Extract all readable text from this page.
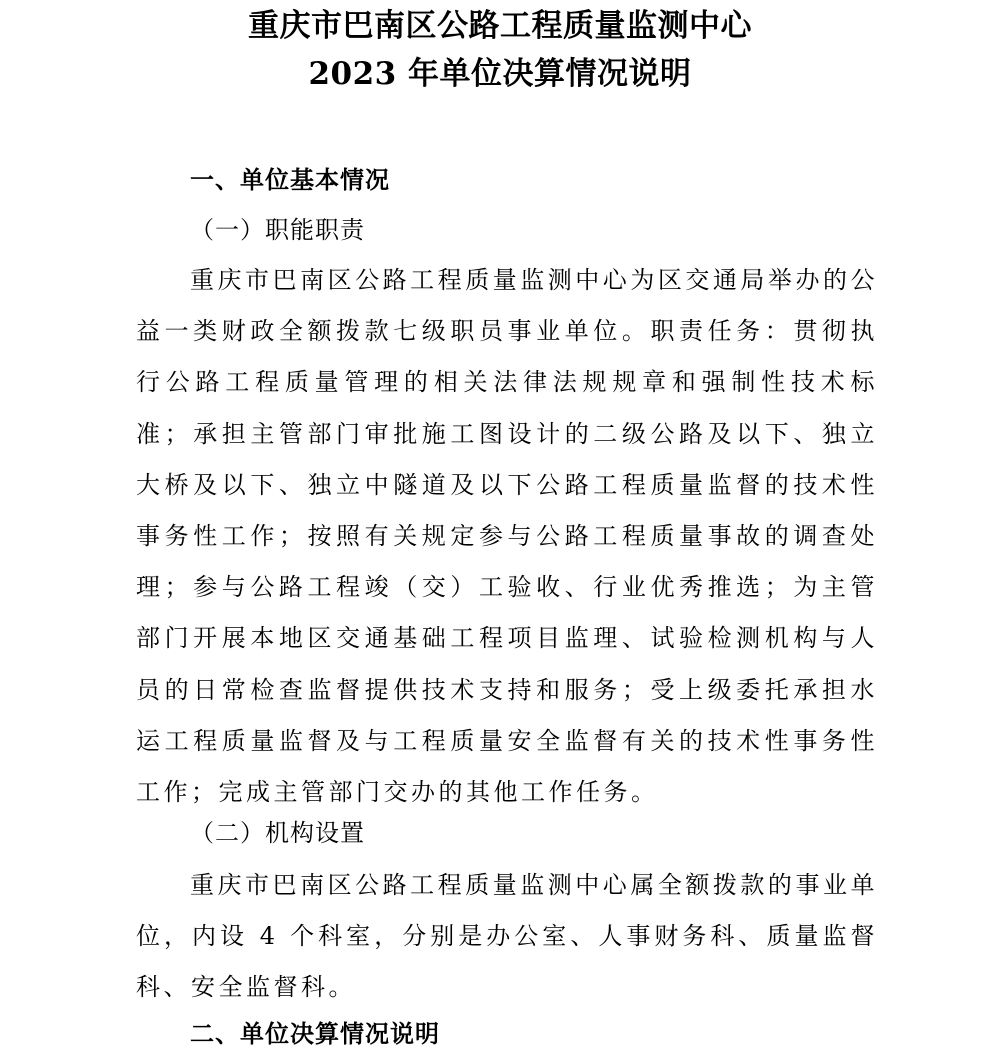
重庆市巴南区公路工程质量监测中心
2023 年单位决算情况说明
一、单位基本情况
（一）职能职责

重庆市巴南区公路工程质量监测中心为区交通局举办的公益一类财政全额拨款七级职员事业单位。职责任务：贯彻执行公路工程质量管理的相关法律法规规章和强制性技术标准；承担主管部门审批施工图设计的二级公路及以下、独立大桥及以下、独立中隧道及以下公路工程质量监督的技术性事务性工作；按照有关规定参与公路工程质量事故的调查处理；参与公路工程竣（交）工验收、行业优秀推选；为主管部门开展本地区交通基础工程项目监理、试验检测机构与人员的日常检查监督提供技术支持和服务；受上级委托承担水运工程质量监督及与工程质量安全监督有关的技术性事务性工作；完成主管部门交办的其他工作任务。

（二）机构设置

重庆市巴南区公路工程质量监测中心属全额拨款的事业单位，内设 4 个科室，分别是办公室、人事财务科、质量监督科、安全监督科。

二、单位决算情况说明
